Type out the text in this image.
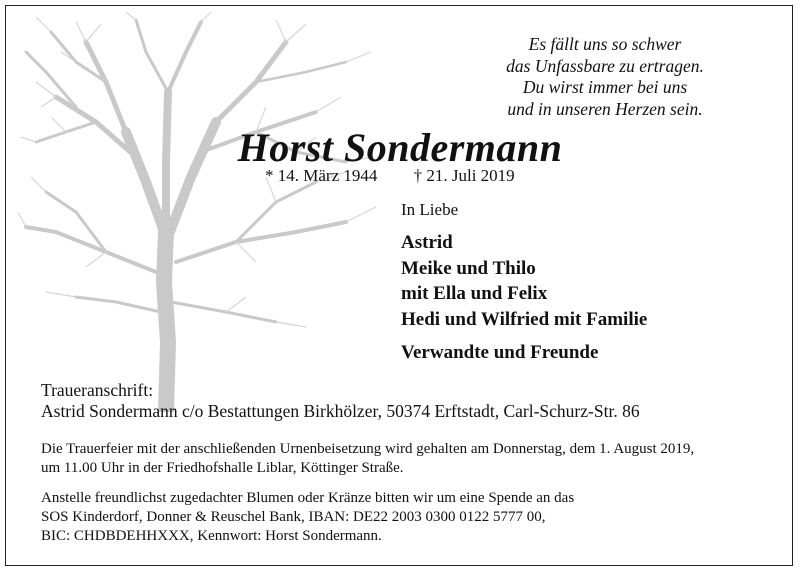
Es fällt uns so schwer
das Unfassbare zu ertragen.
Du wirst immer bei uns
und in unseren Herzen sein.
Horst Sondermann
* 14. März 1944 † 21. Juli 2019
In Liebe
Astrid
Meike und Thilo
mit Ella und Felix
Hedi und Wilfried mit Familie
Verwandte und Freunde
Traueranschrift:
Astrid Sondermann c/o Bestattungen Birkhölzer, 50374 Erftstadt, Carl-Schurz-Str. 86
Die Trauerfeier mit der anschließenden Urnenbeisetzung wird gehalten am Donnerstag, dem 1. August 2019,
um 11.00 Uhr in der Friedhofshalle Liblar, Köttinger Straße.
Anstelle freundlichst zugedachter Blumen oder Kränze bitten wir um eine Spende an das
SOS Kinderdorf, Donner & Reuschel Bank, IBAN: DE22 2003 0300 0122 5777 00,
BIC: CHDBDEHHXXX, Kennwort: Horst Sondermann.
